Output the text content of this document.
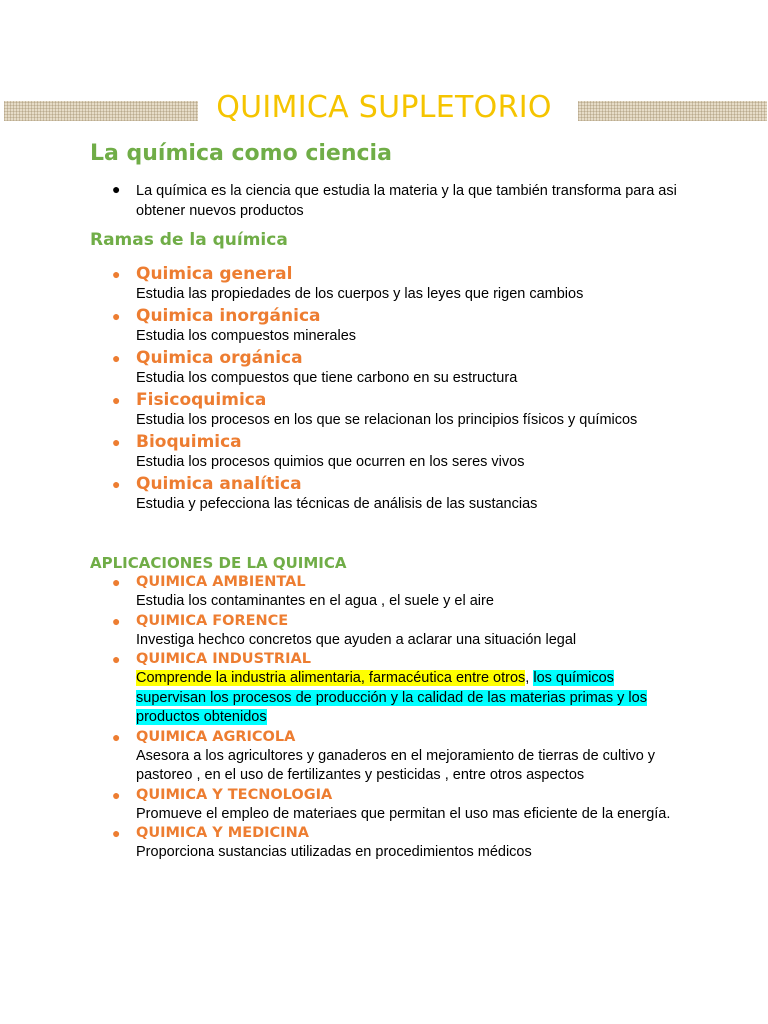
QUIMICA SUPLETORIO
La química como ciencia
● La química es la ciencia que estudia la materia y la que también transforma para asi obtener nuevos productos
Ramas de la química
● Quimica general
Estudia las propiedades de los cuerpos y las leyes que rigen cambios
● Quimica inorgánica
Estudia los compuestos minerales
● Quimica orgánica
Estudia los compuestos que tiene carbono en su estructura
● Fisicoquimica
Estudia los procesos en los que se relacionan los principios físicos y químicos
● Bioquimica
Estudia los procesos quimios que ocurren en los seres vivos
● Quimica analítica
Estudia y pefecciona las técnicas de análisis de las sustancias
APLICACIONES DE LA QUIMICA
● QUIMICA AMBIENTAL
Estudia los contaminantes en el agua , el suele y el aire
● QUIMICA FORENCE
Investiga hechco concretos que ayuden a aclarar una situación legal
● QUIMICA INDUSTRIAL
Comprende la industria alimentaria, farmacéutica entre otros, los químicos supervisan los procesos de producción y la calidad de las materias primas y los productos obtenidos
● QUIMICA AGRICOLA
Asesora a los agricultores y ganaderos en el mejoramiento de tierras de cultivo y pastoreo , en el uso de fertilizantes y pesticidas , entre otros aspectos
● QUIMICA Y TECNOLOGIA
Promueve el empleo de materiaes que permitan el uso mas eficiente de la energía.
● QUIMICA Y MEDICINA
Proporciona sustancias utilizadas en procedimientos médicos
